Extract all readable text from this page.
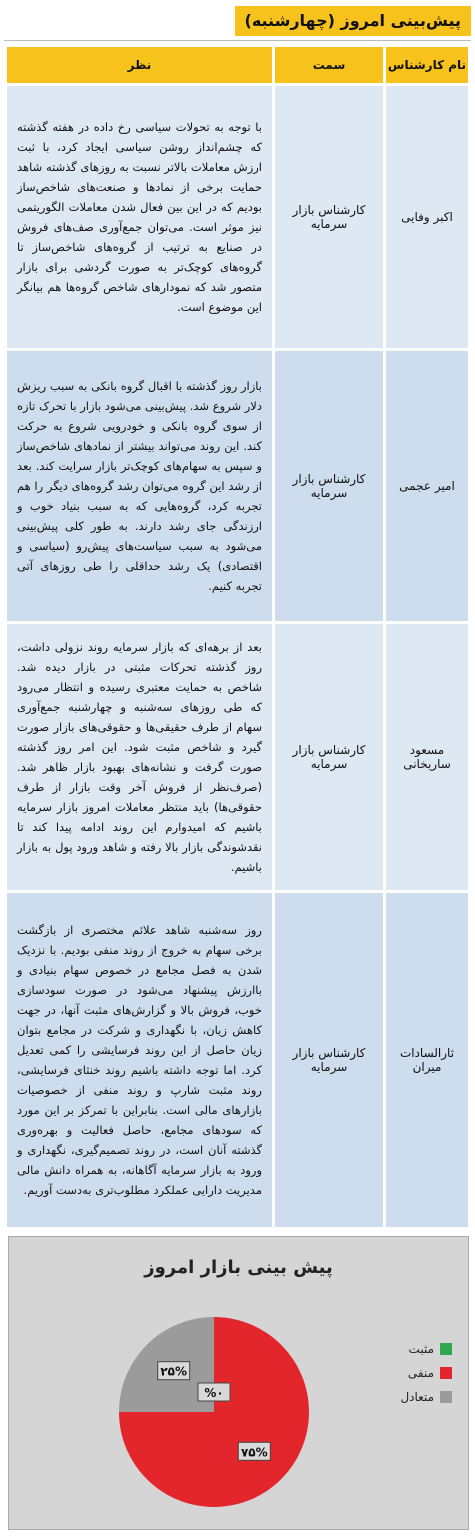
پیش‌بینی امروز (چهارشنبه)
نام کارشناس	سمت	نظر
اکبر وفایی	کارشناس بازار سرمایه	با توجه به تحولات سیاسی رخ داده در هفته گذشته که چشم‌انداز روشن سیاسی ایجاد کرد، با ثبت ارزش معاملات بالاتر نسبت به روزهای گذشته شاهد حمایت برخی از نمادها و صنعت‌های شاخص‌ساز بودیم که در این بین فعال شدن معاملات الگوریتمی نیز موثر است. می‌توان جمع‌آوری صف‌های فروش در صنایع به ترتیب از گروه‌های شاخص‌ساز تا گروه‌های کوچک‌تر به صورت گردشی برای بازار متصور شد که نمودارهای شاخص گروه‌ها هم بیانگر این موضوع است.
امیر عجمی	کارشناس بازار سرمایه	بازار روز گذشته با اقبال گروه بانکی به سبب ریزش دلار شروع شد. پیش‌بینی می‌شود بازار با تحرک تازه از سوی گروه بانکی و خودرویی شروع به حرکت کند. این روند می‌تواند بیشتر از نمادهای شاخص‌ساز و سپس به سهام‌های کوچک‌تر بازار سرایت کند. بعد از رشد این گروه می‌توان رشد گروه‌های دیگر را هم تجربه کرد، گروه‌هایی که به سبب بنیاد خوب و ارزندگی جای رشد دارند. به طور کلی پیش‌بینی می‌شود به سبب سیاست‌های پیش‌رو (سیاسی و اقتصادی) یک رشد حداقلی را طی روزهای آتی تجربه کنیم.
مسعود ساریخانی	کارشناس بازار سرمایه	بعد از برهه‌ای که بازار سرمایه روند نزولی داشت، روز گذشته تحرکات مثبتی در بازار دیده شد. شاخص به حمایت معتبری رسیده و انتظار می‌رود که طی روزهای سه‌شنبه و چهارشنبه جمع‌آوری سهام از طرف حقیقی‌ها و حقوقی‌های بازار صورت گیرد و شاخص مثبت شود. این امر روز گذشته صورت گرفت و نشانه‌های بهبود بازار ظاهر شد. (صرف‌نظر از فروش آخر وقت بازار از طرف حقوقی‌ها) باید منتظر معاملات امروز بازار سرمایه باشیم که امیدوارم این روند ادامه پیدا کند تا نقدشوندگی بازار بالا رفته و شاهد ورود پول به بازار باشیم.
ثارالسادات میران	کارشناس بازار سرمایه	روز سه‌شنبه شاهد علائم مختصری از بازگشت برخی سهام به خروج از روند منفی بودیم. با نزدیک شدن به فصل مجامع در خصوص سهام بنیادی و باارزش پیشنهاد می‌شود در صورت سودسازی خوب، فروش بالا و گزارش‌های مثبت آنها، در جهت کاهش زیان، با نگهداری و شرکت در مجامع بتوان زیان حاصل از این روند فرسایشی را کمی تعدیل کرد. اما توجه داشته باشیم روند خنثای فرسایشی، روند مثبت شارپ و روند منفی از خصوصیات بازارهای مالی است. بنابراین با تمرکز بر این مورد که سودهای مجامع، حاصل فعالیت و بهره‌وری گذشته آنان است، در روند تصمیم‌گیری، نگهداری و ورود به بازار سرمایه آگاهانه، به همراه دانش مالی مدیریت دارایی عملکرد مطلوب‌تری به‌دست آوریم.
پیش بینی بازار امروز
٧۵%
٢۵%
٠%
مثبت
منفی
متعادل
